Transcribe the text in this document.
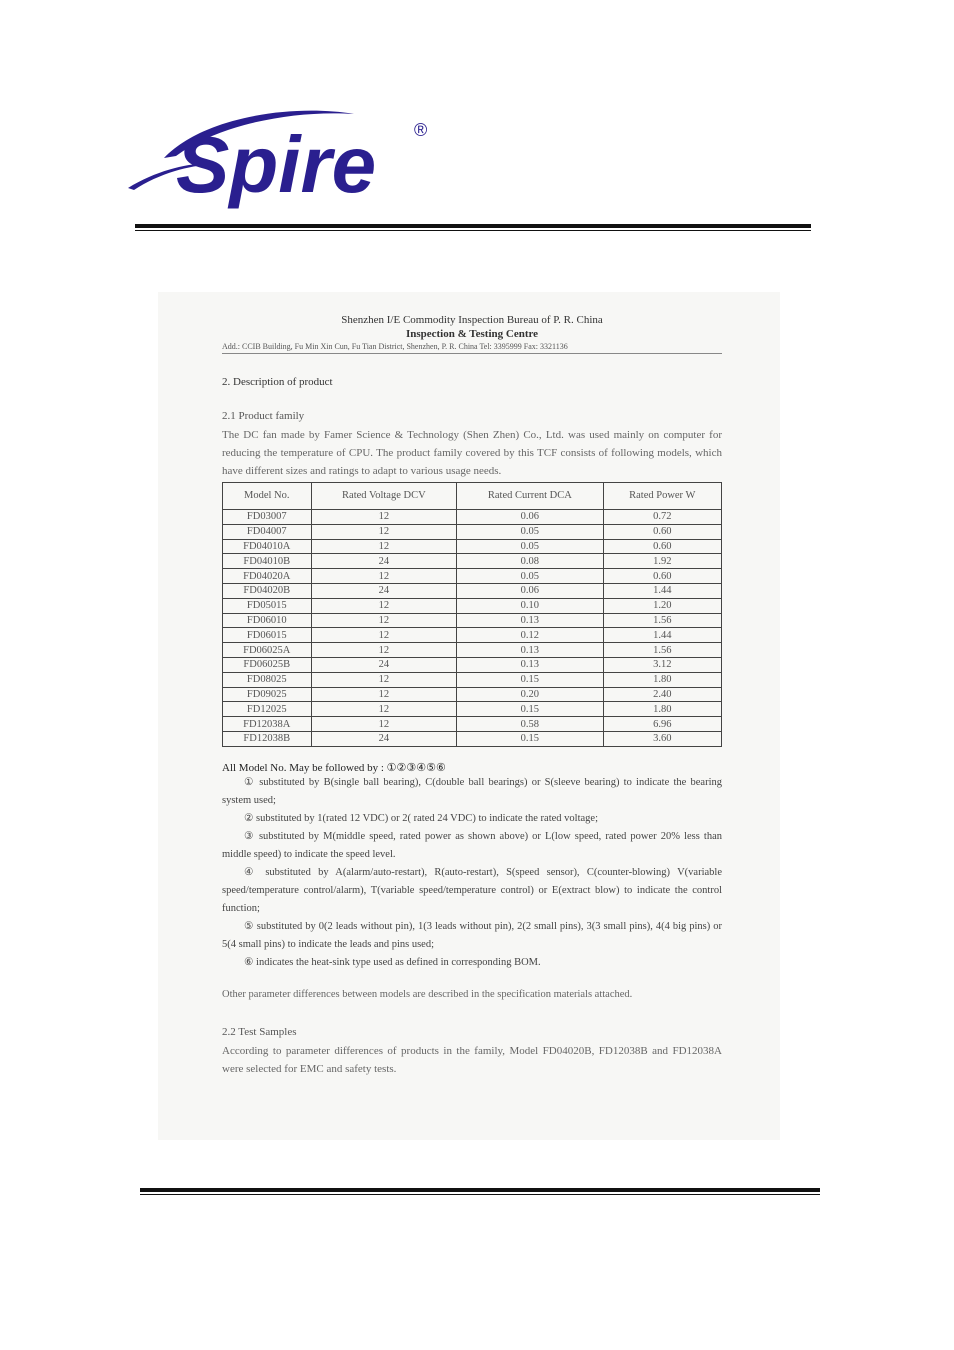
Spire ®
Shenzhen I/E Commodity Inspection Bureau of P. R. China
Inspection & Testing Centre
Add.: CCIB Building, Fu Min Xin Cun, Fu Tian District, Shenzhen, P. R. China Tel: 3395999 Fax: 3321136
2. Description of product
2.1 Product family
The DC fan made by Famer Science & Technology (Shen Zhen) Co., Ltd. was used mainly on computer for reducing the temperature of CPU. The product family covered by this TCF consists of following models, which have different sizes and ratings to adapt to various usage needs.
Model No.	Rated Voltage DCV	Rated Current DCA	Rated Power W
FD03007	12	0.06	0.72
FD04007	12	0.05	0.60
FD04010A	12	0.05	0.60
FD04010B	24	0.08	1.92
FD04020A	12	0.05	0.60
FD04020B	24	0.06	1.44
FD05015	12	0.10	1.20
FD06010	12	0.13	1.56
FD06015	12	0.12	1.44
FD06025A	12	0.13	1.56
FD06025B	24	0.13	3.12
FD08025	12	0.15	1.80
FD09025	12	0.20	2.40
FD12025	12	0.15	1.80
FD12038A	12	0.58	6.96
FD12038B	24	0.15	3.60
All Model No. May be followed by : ①②③④⑤⑥
① substituted by B(single ball bearing), C(double ball bearings) or S(sleeve bearing) to indicate the bearing system used;
② substituted by 1(rated 12 VDC) or 2( rated 24 VDC) to indicate the rated voltage;
③ substituted by M(middle speed, rated power as shown above) or L(low speed, rated power 20% less than middle speed) to indicate the speed level.
④ substituted by A(alarm/auto-restart), R(auto-restart), S(speed sensor), C(counter-blowing) V(variable speed/temperature control/alarm), T(variable speed/temperature control) or E(extract blow) to indicate the control function;
⑤ substituted by 0(2 leads without pin), 1(3 leads without pin), 2(2 small pins), 3(3 small pins), 4(4 big pins) or 5(4 small pins) to indicate the leads and pins used;
⑥ indicates the heat-sink type used as defined in corresponding BOM.
Other parameter differences between models are described in the specification materials attached.
2.2 Test Samples
According to parameter differences of products in the family, Model FD04020B, FD12038B and FD12038A were selected for EMC and safety tests.
